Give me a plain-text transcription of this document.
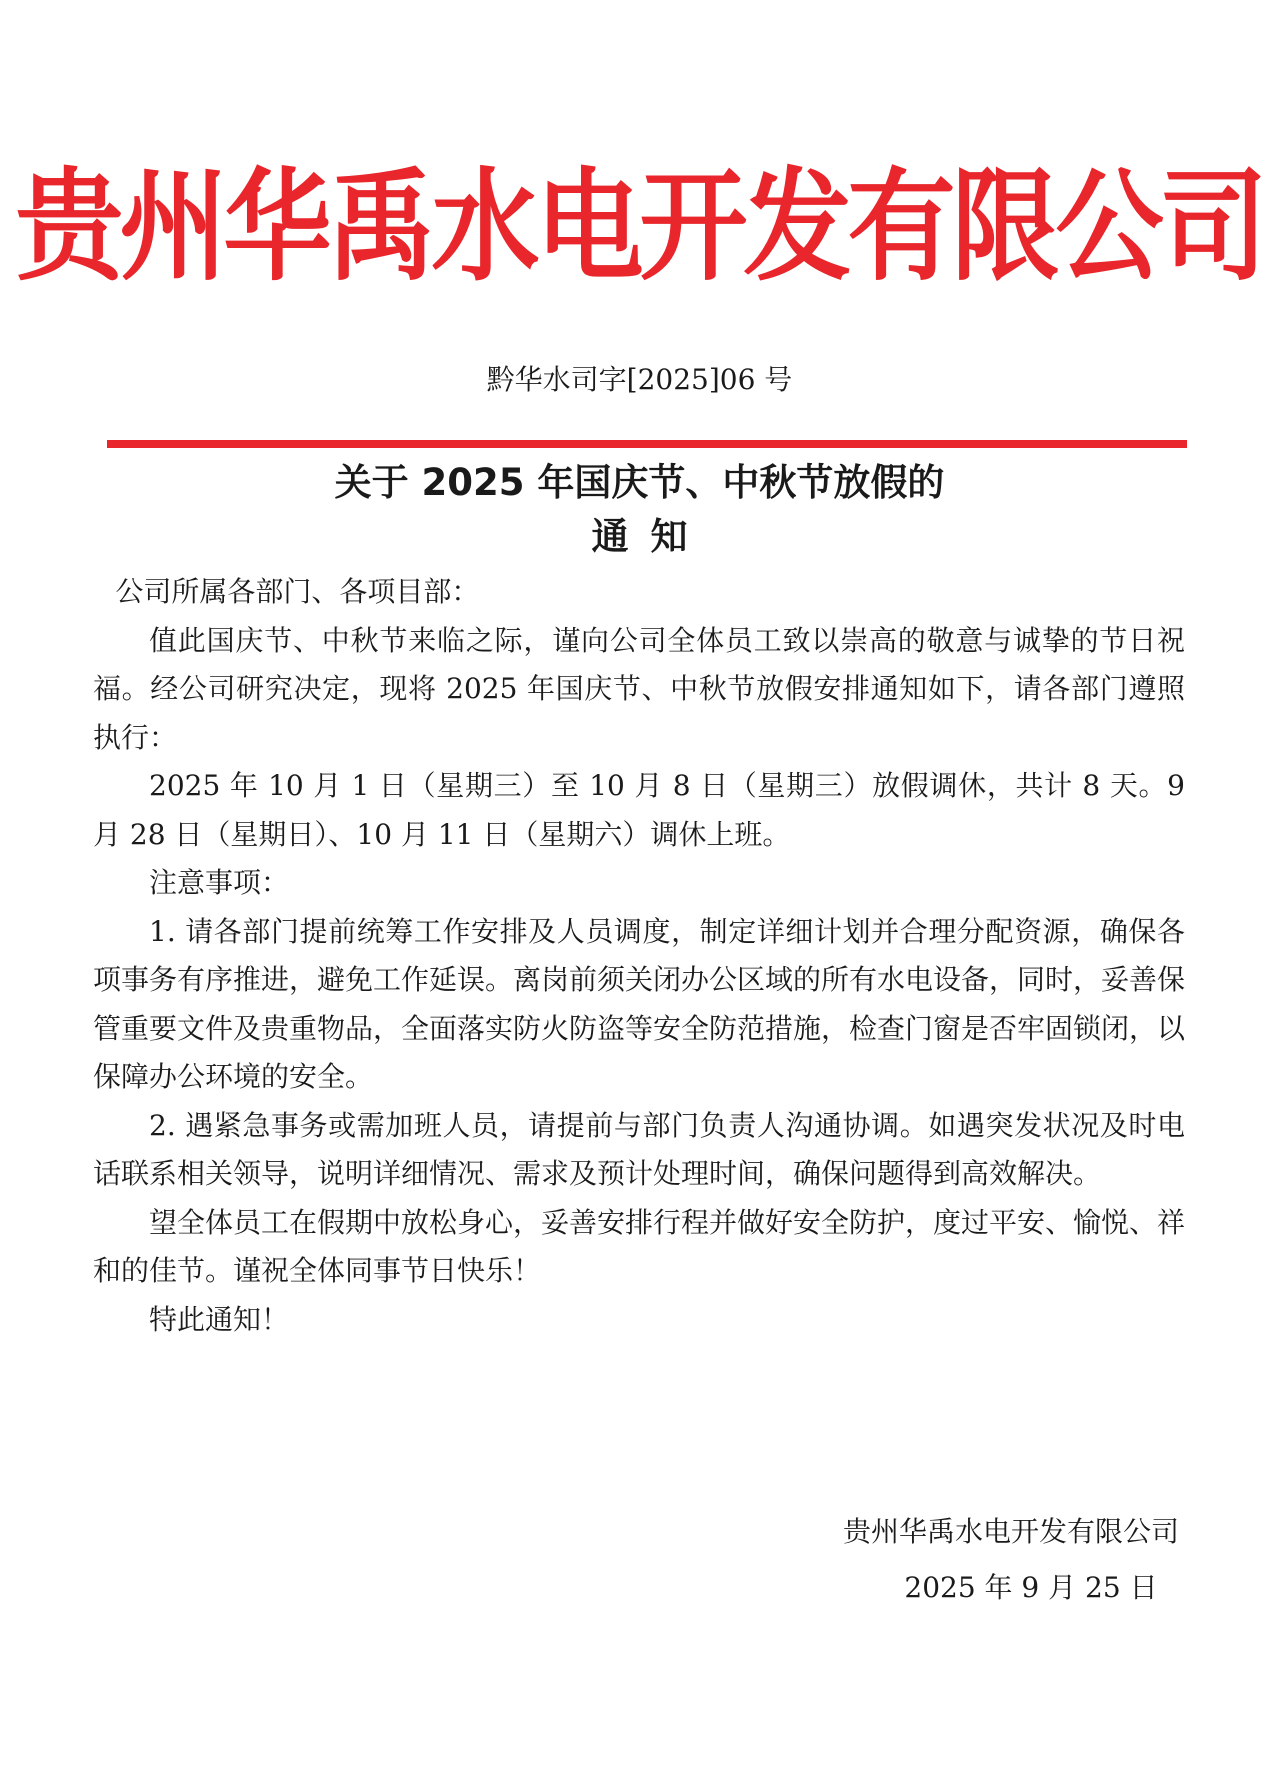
贵州华禹水电开发有限公司
黔华水司字[2025]06 号
关于 2025 年国庆节、中秋节放假的
通知

公司所属各部门、各项目部：

值此国庆节、中秋节来临之际，谨向公司全体员工致以崇高的敬意与诚挚的节日祝福。经公司研究决定，现将 2025 年国庆节、中秋节放假安排通知如下，请各部门遵照执行：

2025 年 10 月 1 日（星期三）至 10 月 8 日（星期三）放假调休，共计 8 天。9 月 28 日（星期日）、10 月 11 日（星期六）调休上班。

注意事项：

1. 请各部门提前统筹工作安排及人员调度，制定详细计划并合理分配资源，确保各项事务有序推进，避免工作延误。离岗前须关闭办公区域的所有水电设备，同时，妥善保管重要文件及贵重物品，全面落实防火防盗等安全防范措施，检查门窗是否牢固锁闭，以保障办公环境的安全。

2. 遇紧急事务或需加班人员，请提前与部门负责人沟通协调。如遇突发状况及时电话联系相关领导，说明详细情况、需求及预计处理时间，确保问题得到高效解决。

望全体员工在假期中放松身心，妥善安排行程并做好安全防护，度过平安、愉悦、祥和的佳节。谨祝全体同事节日快乐！

特此通知！

贵州华禹水电开发有限公司
2025 年 9 月 25 日
